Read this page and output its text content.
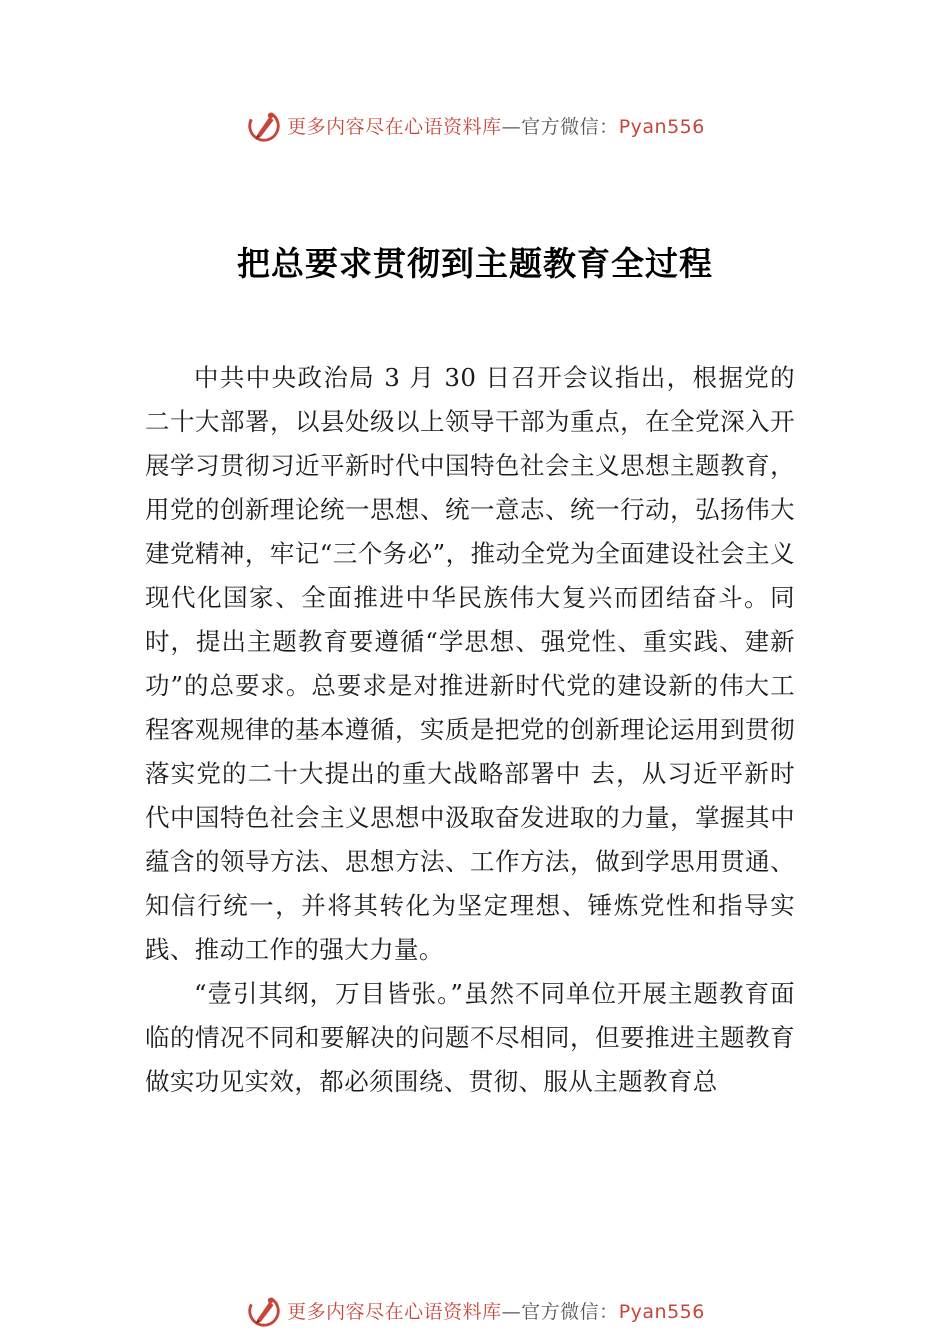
更多内容尽在心语资料库—官方微信：Pyan556
把总要求贯彻到主题教育全过程

中共中央政治局 3 月 30 日召开会议指出，根据党的二十大部署，以县处级以上领导干部为重点，在全党深入开展学习贯彻习近平新时代中国特色社会主义思想主题教育，用党的创新理论统一思想、统一意志、统一行动，弘扬伟大建党精神，牢记“三个务必”，推动全党为全面建设社会主义现代化国家、全面推进中华民族伟大复兴而团结奋斗。同时，提出主题教育要遵循“学思想、强党性、重实践、建新功”的总要求。总要求是对推进新时代党的建设新的伟大工程客观规律的基本遵循，实质是把党的创新理论运用到贯彻落实党的二十大提出的重大战略部署中 去，从习近平新时代中国特色社会主义思想中汲取奋发进取的力量，掌握其中蕴含的领导方法、思想方法、工作方法，做到学思用贯通、知信行统一，并将其转化为坚定理想、锤炼党性和指导实践、推动工作的强大力量。

“壹引其纲，万目皆张。”虽然不同单位开展主题教育面临的情况不同和要解决的问题不尽相同，但要推进主题教育做实功见实效，都必须围绕、贯彻、服从主题教育总

更多内容尽在心语资料库—官方微信：Pyan556
